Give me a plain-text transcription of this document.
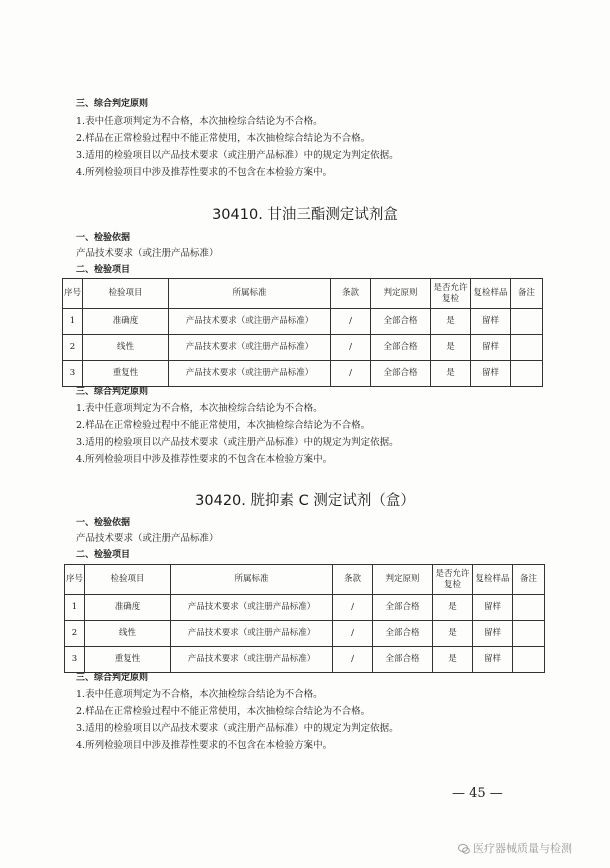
三、综合判定原则
1.表中任意项判定为不合格，本次抽检综合结论为不合格。
2.样品在正常检验过程中不能正常使用，本次抽检综合结论为不合格。
3.适用的检验项目以产品技术要求（或注册产品标准）中的规定为判定依据。
4.所列检验项目中涉及推荐性要求的不包含在本检验方案中。
30410. 甘油三酯测定试剂盒
一、检验依据
产品技术要求（或注册产品标准）
二、检验项目
序号	检验项目	所属标准	条款	判定原则	是否允许复检	复检样品	备注
1	准确度	产品技术要求（或注册产品标准）	/	全部合格	是	留样	
2	线性	产品技术要求（或注册产品标准）	/	全部合格	是	留样	
3	重复性	产品技术要求（或注册产品标准）	/	全部合格	是	留样	
三、综合判定原则
1.表中任意项判定为不合格，本次抽检综合结论为不合格。
2.样品在正常检验过程中不能正常使用，本次抽检综合结论为不合格。
3.适用的检验项目以产品技术要求（或注册产品标准）中的规定为判定依据。
4.所列检验项目中涉及推荐性要求的不包含在本检验方案中。
30420. 胱抑素 C 测定试剂（盒）
一、检验依据
产品技术要求（或注册产品标准）
二、检验项目
序号	检验项目	所属标准	条款	判定原则	是否允许复检	复检样品	备注
1	准确度	产品技术要求（或注册产品标准）	/	全部合格	是	留样	
2	线性	产品技术要求（或注册产品标准）	/	全部合格	是	留样	
3	重复性	产品技术要求（或注册产品标准）	/	全部合格	是	留样	
三、综合判定原则
1.表中任意项判定为不合格，本次抽检综合结论为不合格。
2.样品在正常检验过程中不能正常使用，本次抽检综合结论为不合格。
3.适用的检验项目以产品技术要求（或注册产品标准）中的规定为判定依据。
4.所列检验项目中涉及推荐性要求的不包含在本检验方案中。
— 45 —
医疗器械质量与检测
